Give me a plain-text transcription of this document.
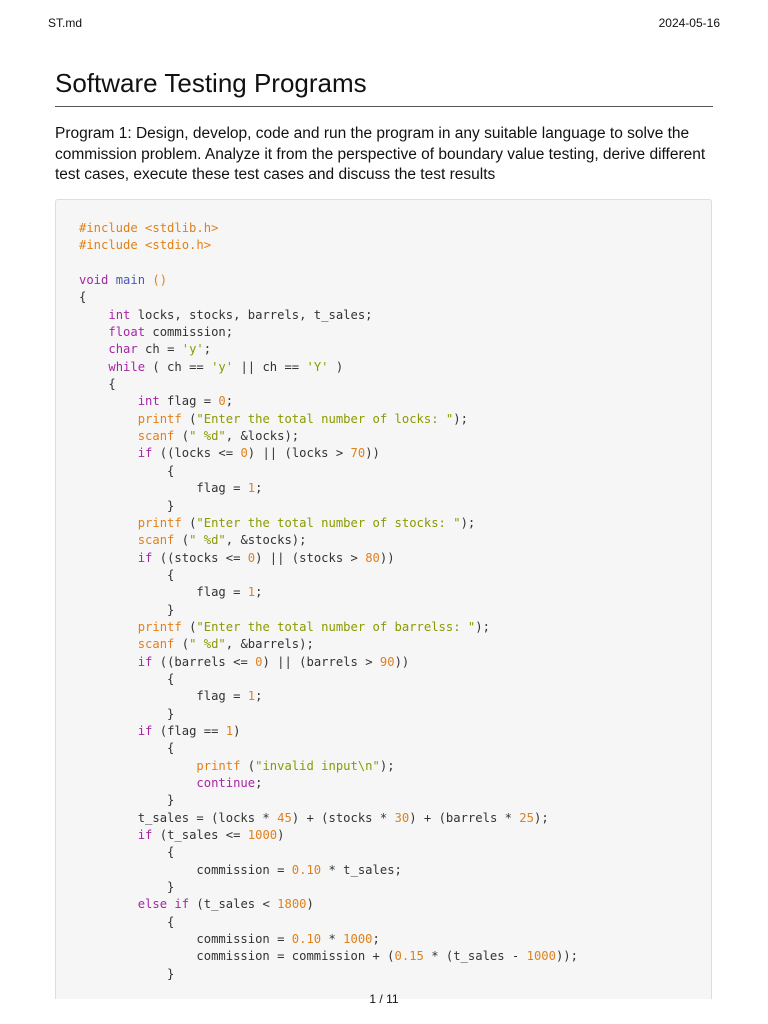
ST.md	2024-05-16
Software Testing Programs

Program 1: Design, develop, code and run the program in any suitable language to solve the commission problem. Analyze it from the perspective of boundary value testing, derive different test cases, execute these test cases and discuss the test results

#include <stdlib.h>
#include <stdio.h>
void main ()
{
int locks, stocks, barrels, t_sales;
float commission;
char ch = 'y';
while ( ch == 'y' || ch == 'Y' )
{
int flag = 0;
printf ("Enter the total number of locks: ");
scanf (" %d", &locks);
if ((locks <= 0) || (locks > 70))
{
flag = 1;
}
printf ("Enter the total number of stocks: ");
scanf (" %d", &stocks);
if ((stocks <= 0) || (stocks > 80))
{
flag = 1;
}
printf ("Enter the total number of barrelss: ");
scanf (" %d", &barrels);
if ((barrels <= 0) || (barrels > 90))
{
flag = 1;
}
if (flag == 1)
{
printf ("invalid input\n");
continue;
}
t_sales = (locks * 45) + (stocks * 30) + (barrels * 25);
if (t_sales <= 1000)
{
commission = 0.10 * t_sales;
}
else if (t_sales < 1800)
{
commission = 0.10 * 1000;
commission = commission + (0.15 * (t_sales - 1000));
}
1 / 11
